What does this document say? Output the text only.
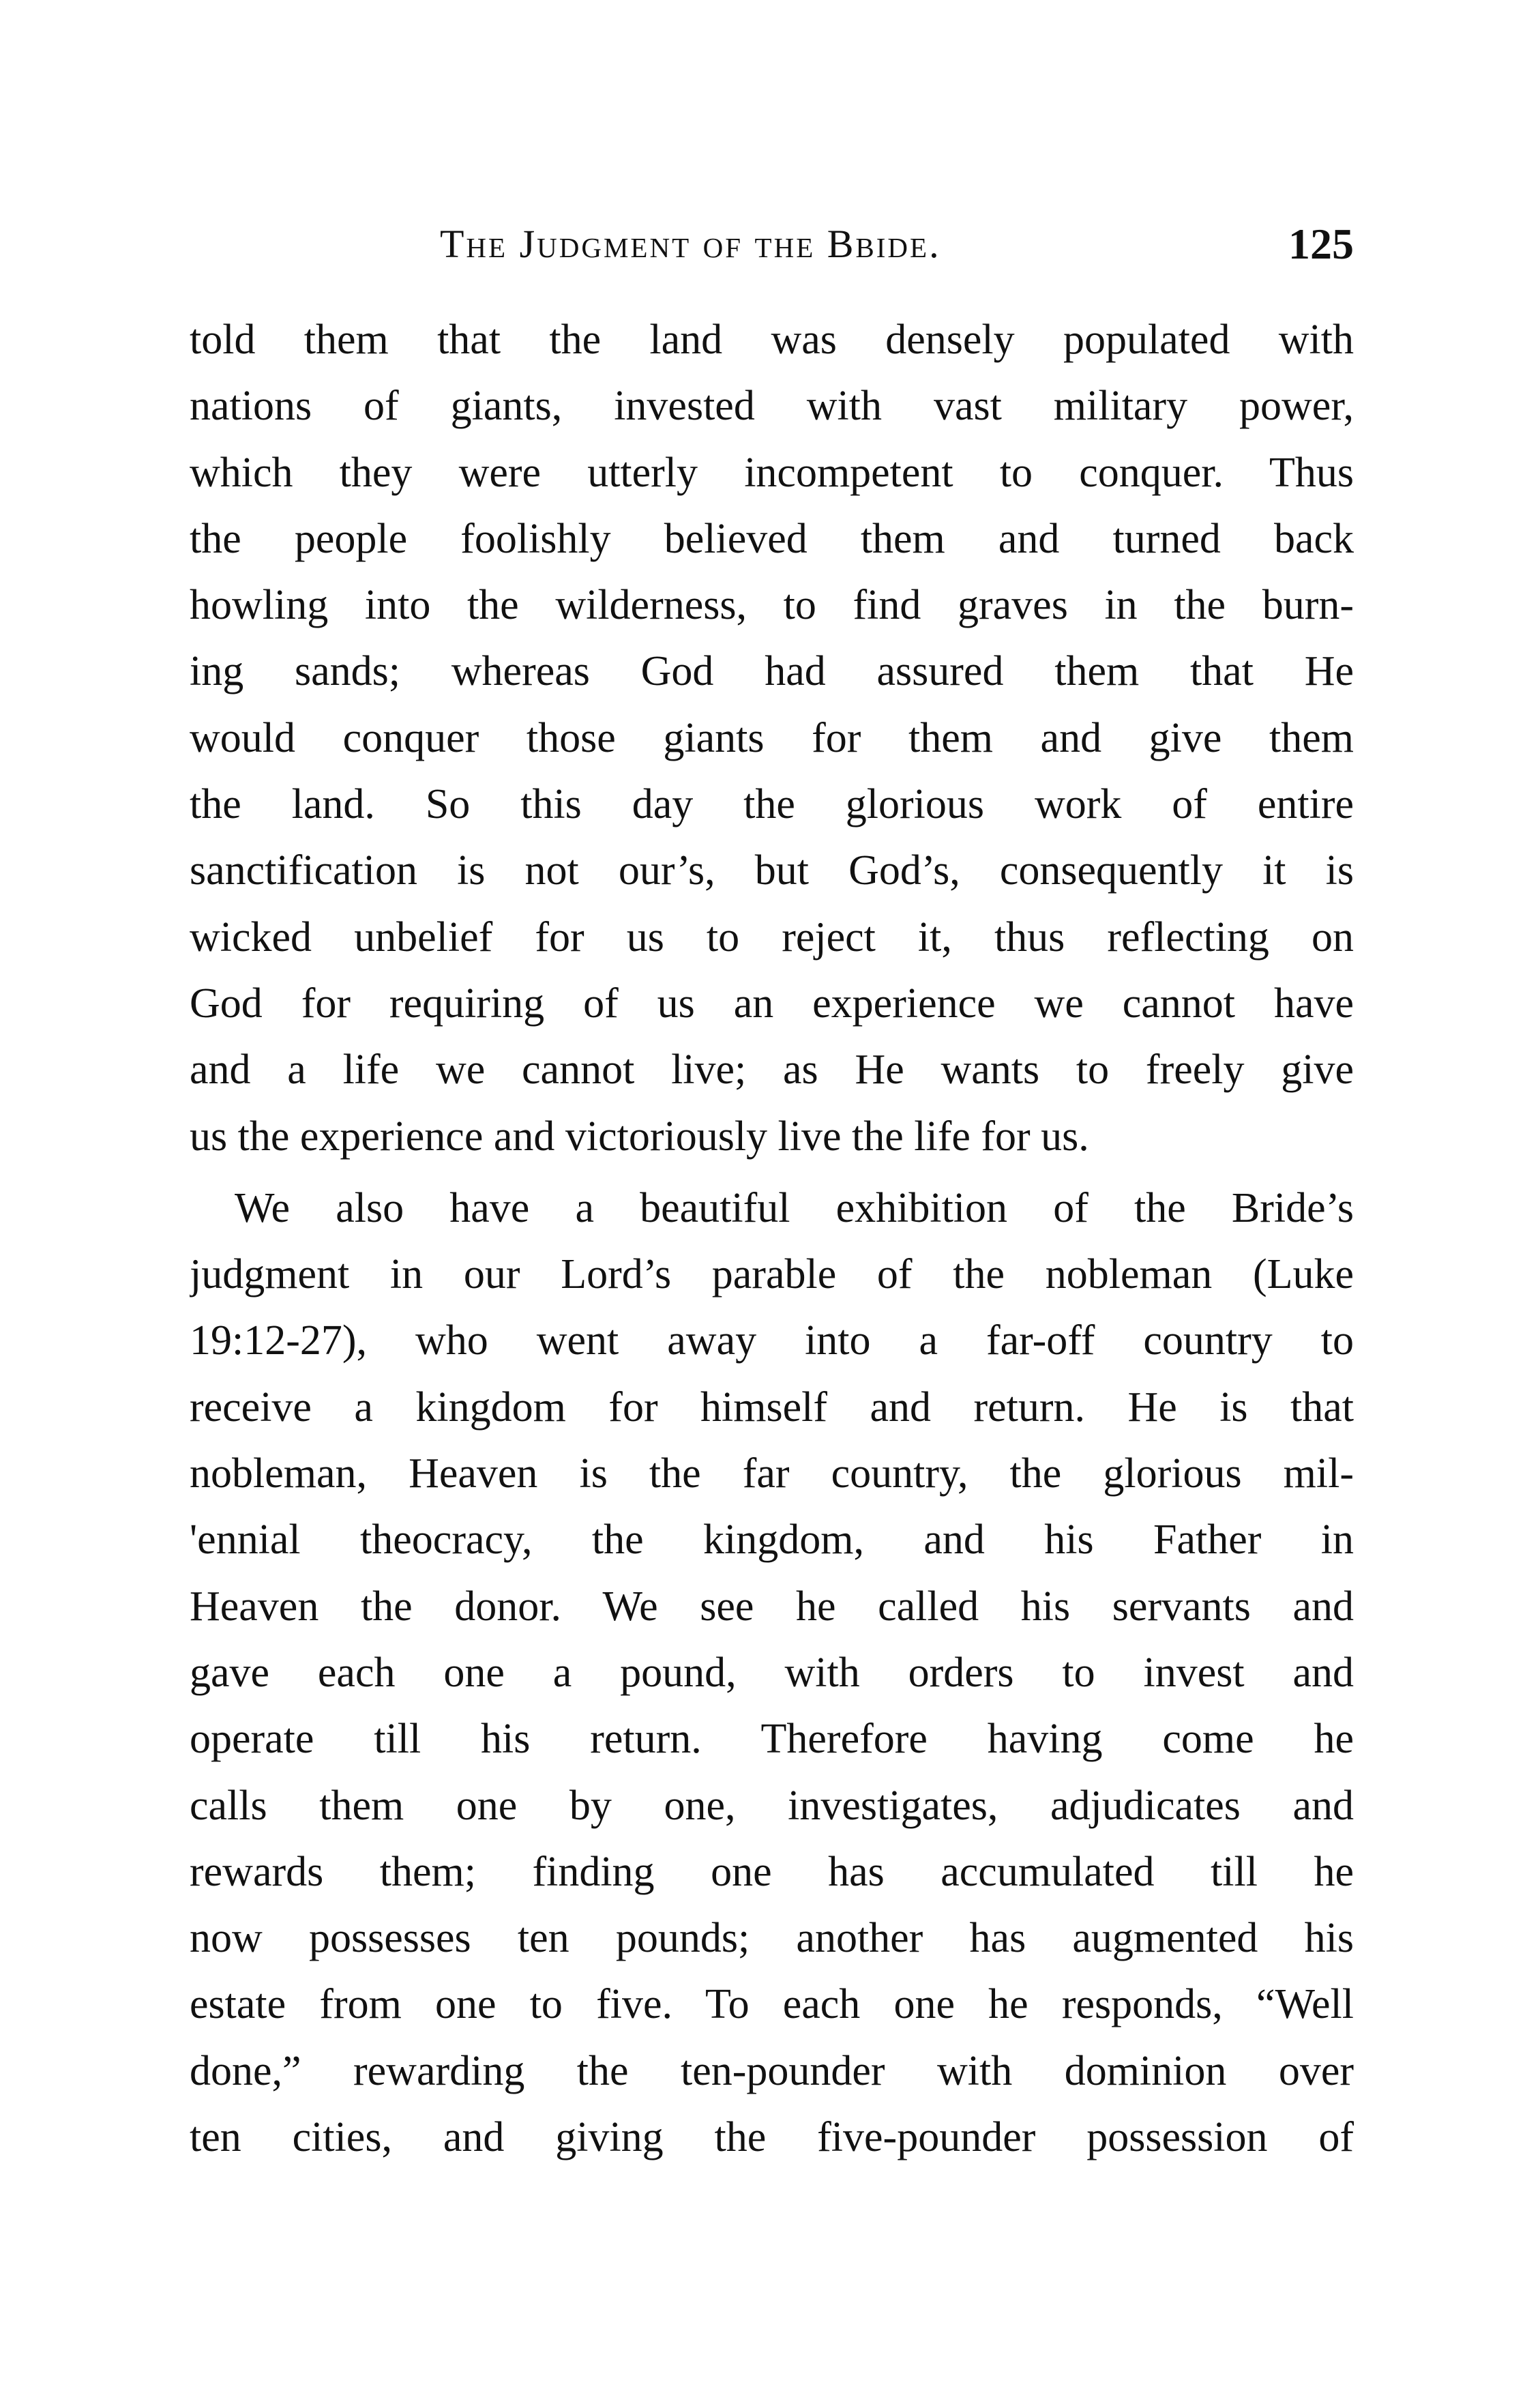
The Judgment of the Bbide.	125
told them that the land was densely populated with
nations of giants, invested with vast military power,
which they were utterly incompetent to conquer. Thus
the people foolishly believed them and turned back
howling into the wilderness, to find graves in the burn-
ing sands; whereas God had assured them that He
would conquer those giants for them and give them
the land. So this day the glorious work of entire
sanctification is not our’s, but God’s, consequently it is
wicked unbelief for us to reject it, thus reflecting on
God for requiring of us an experience we cannot have
and a life we cannot live; as He wants to freely give
us the experience and victoriously live the life for us.
We also have a beautiful exhibition of the Bride’s
judgment in our Lord’s parable of the nobleman (Luke
19:12-27), who went away into a far-off country to
receive a kingdom for himself and return. He is that
nobleman, Heaven is the far country, the glorious mil-
'ennial theocracy, the kingdom, and his Father in
Heaven the donor. We see he called his servants and
gave each one a pound, with orders to invest and
operate till his return. Therefore having come he
calls them one by one, investigates, adjudicates and
rewards them; finding one has accumulated till he
now possesses ten pounds; another has augmented his
estate from one to five. To each one he responds, “Well
done,” rewarding the ten-pounder with dominion over
ten cities, and giving the five-pounder possession of
